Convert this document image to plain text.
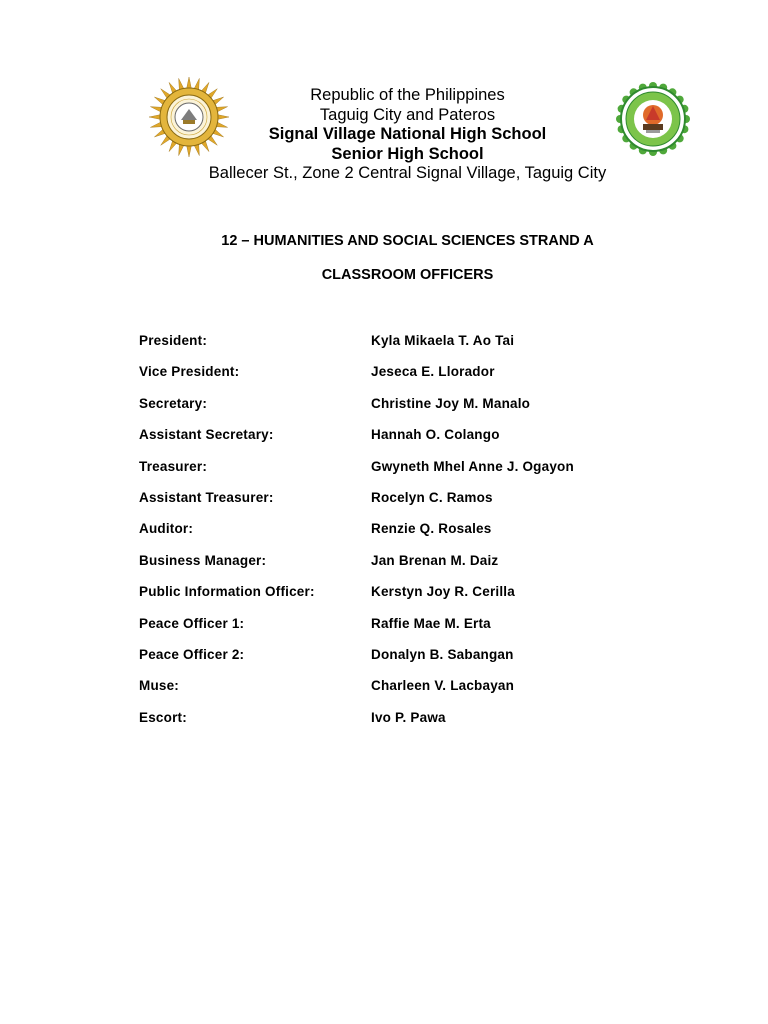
Republic of the Philippines
Taguig City and Pateros
Signal Village National High School
Senior High School
Ballecer St., Zone 2 Central Signal Village, Taguig City
12 – HUMANITIES AND SOCIAL SCIENCES STRAND A
CLASSROOM OFFICERS
President:	Kyla Mikaela T. Ao Tai
Vice President:	Jeseca E. Llorador
Secretary:	Christine Joy M. Manalo
Assistant Secretary:	Hannah O. Colango
Treasurer:	Gwyneth Mhel Anne J. Ogayon
Assistant Treasurer:	Rocelyn C. Ramos
Auditor:	Renzie Q. Rosales
Business Manager:	Jan Brenan M. Daiz
Public Information Officer:	Kerstyn Joy R. Cerilla
Peace Officer 1:	Raffie Mae M. Erta
Peace Officer 2:	Donalyn B. Sabangan
Muse:	Charleen V. Lacbayan
Escort:	Ivo P. Pawa
